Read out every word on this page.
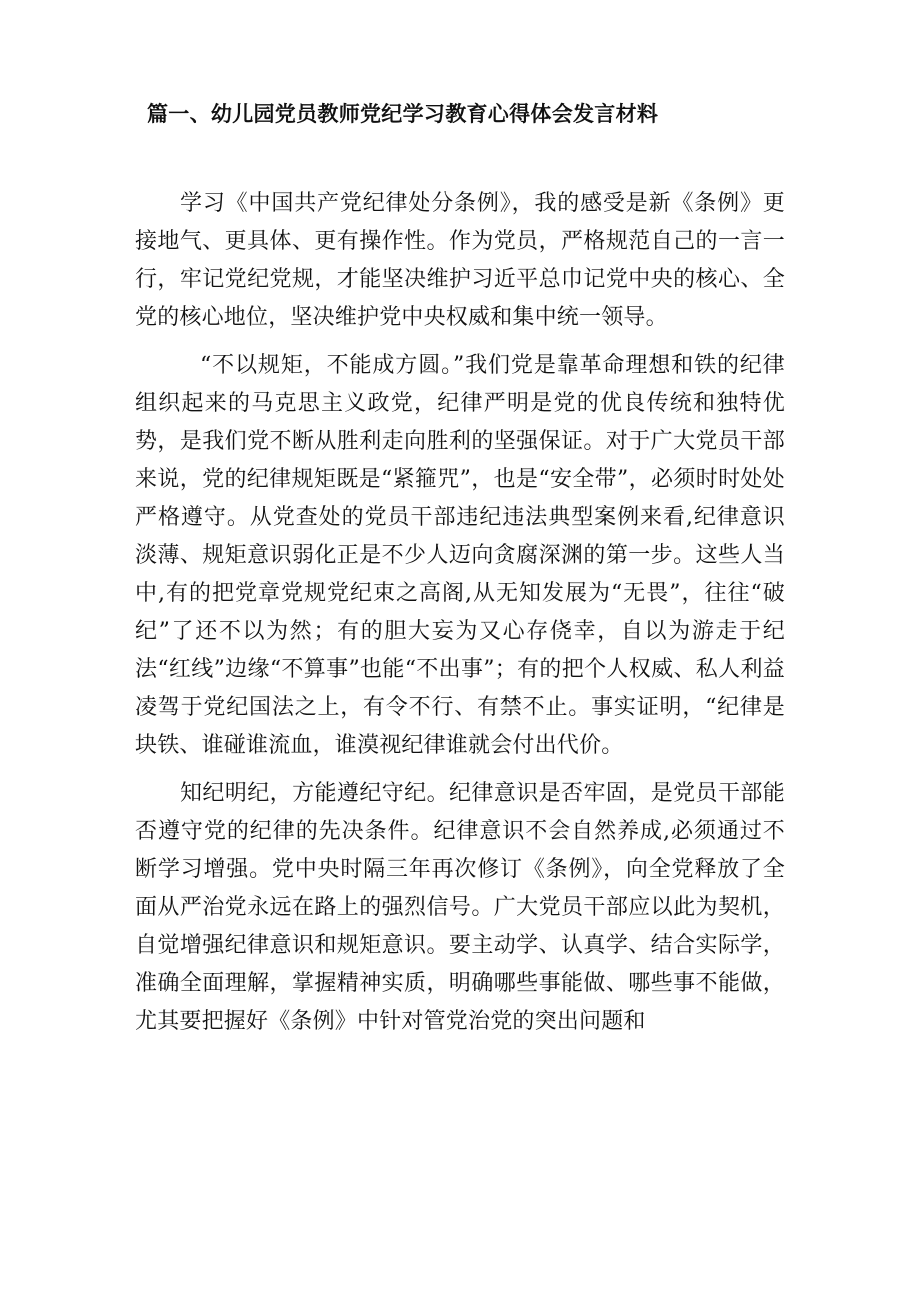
篇一、幼儿园党员教师党纪学习教育心得体会发言材料

学习《中国共产党纪律处分条例》，我的感受是新《条例》更接地气、更具体、更有操作性。作为党员，严格规范自己的一言一行，牢记党纪党规，才能坚决维护习近平总巾记党中央的核心、全党的核心地位，坚决维护党中央权威和集中统一领导。

“不以规矩，不能成方圆。”我们党是靠革命理想和铁的纪律组织起来的马克思主义政党，纪律严明是党的优良传统和独特优势，是我们党不断从胜利走向胜利的坚强保证。对于广大党员干部来说，党的纪律规矩既是“紧箍咒”，也是“安全带”，必须时时处处严格遵守。从党查处的党员干部违纪违法典型案例来看,纪律意识淡薄、规矩意识弱化正是不少人迈向贪腐深渊的第一步。这些人当中,有的把党章党规党纪束之高阁,从无知发展为“无畏”，往往“破纪”了还不以为然；有的胆大妄为又心存侥幸，自以为游走于纪法“红线”边缘“不算事”也能“不出事”；有的把个人权威、私人利益凌驾于党纪国法之上，有令不行、有禁不止。事实证明，“纪律是块铁、谁碰谁流血，谁漠视纪律谁就会付出代价。

知纪明纪，方能遵纪守纪。纪律意识是否牢固，是党员干部能否遵守党的纪律的先决条件。纪律意识不会自然养成,必须通过不断学习增强。党中央时隔三年再次修订《条例》，向全党释放了全面从严治党永远在路上的强烈信号。广大党员干部应以此为契机，自觉增强纪律意识和规矩意识。要主动学、认真学、结合实际学，准确全面理解，掌握精神实质，明确哪些事能做、哪些事不能做，尤其要把握好《条例》中针对管党治党的突出问题和
